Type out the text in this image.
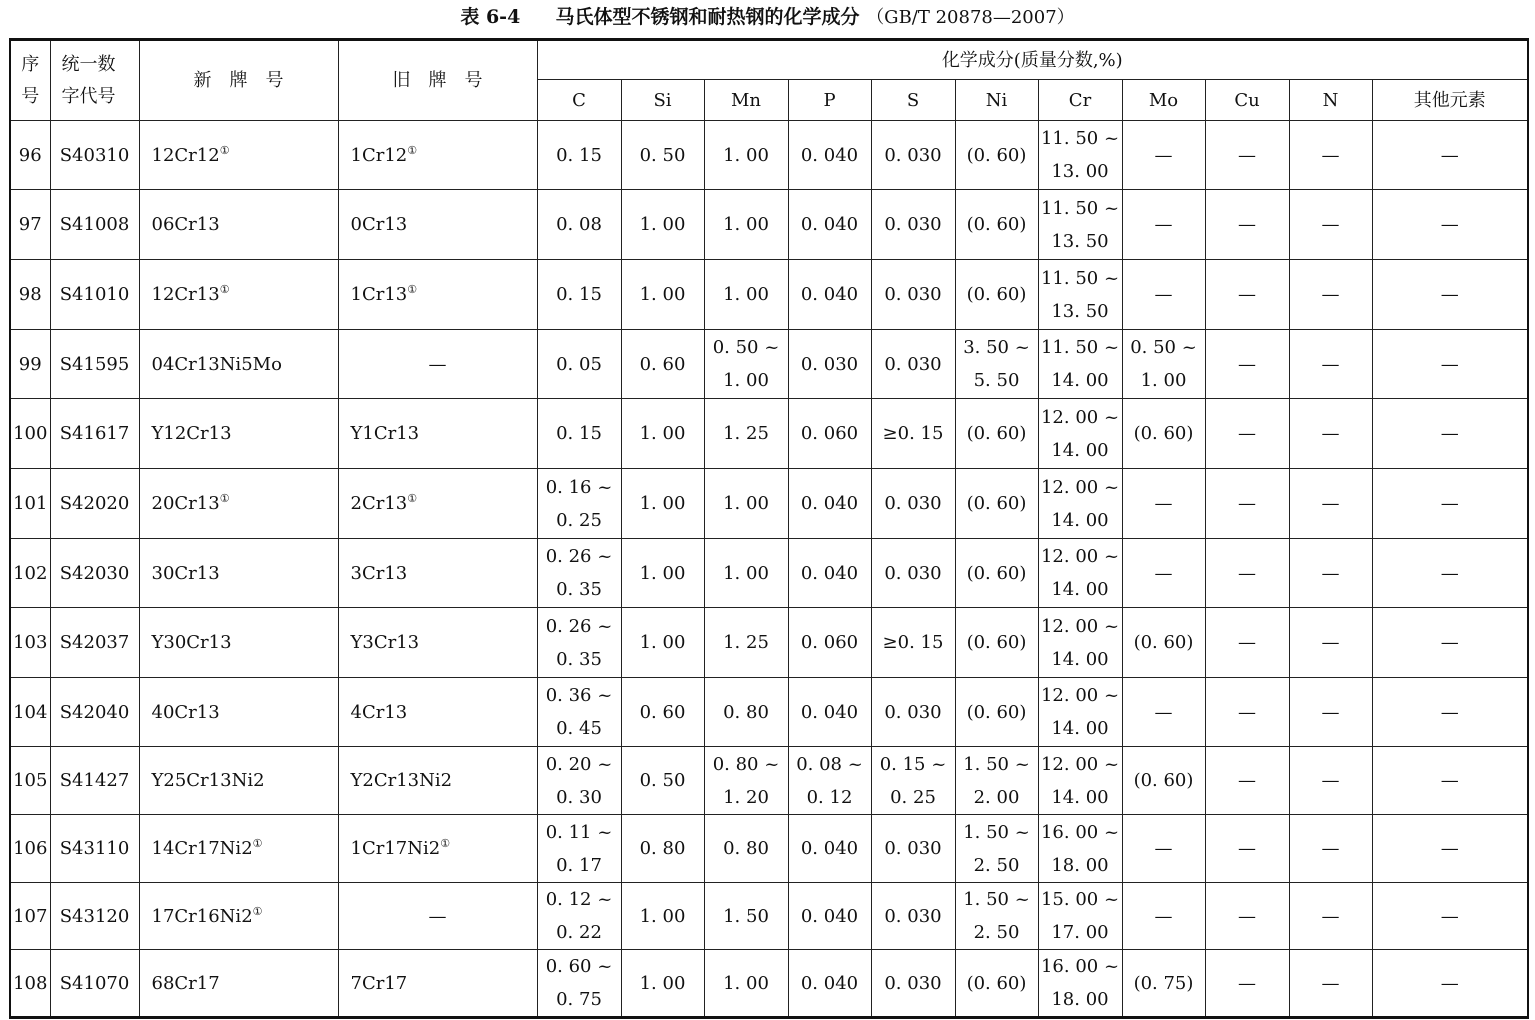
表 6-4 马氏体型不锈钢和耐热钢的化学成分 （GB/T 20878—2007）
序号	统一数字代号	新　牌　号	旧　牌　号	化学成分(质量分数,%)										
				C	Si	Mn	P	S	Ni	Cr	Mo	Cu	N	其他元素
96	S40310	12Cr12①	1Cr12①	0. 15	0. 50	1. 00	0. 040	0. 030	(0. 60)	11. 50 ~
13. 00	—	—	—	—
97	S41008	06Cr13	0Cr13	0. 08	1. 00	1. 00	0. 040	0. 030	(0. 60)	11. 50 ~
13. 50	—	—	—	—
98	S41010	12Cr13①	1Cr13①	0. 15	1. 00	1. 00	0. 040	0. 030	(0. 60)	11. 50 ~
13. 50	—	—	—	—
99	S41595	04Cr13Ni5Mo	—	0. 05	0. 60	0. 50 ~
1. 00	0. 030	0. 030	3. 50 ~
5. 50	11. 50 ~
14. 00	0. 50 ~
1. 00	—	—	—
100	S41617	Y12Cr13	Y1Cr13	0. 15	1. 00	1. 25	0. 060	≥0. 15	(0. 60)	12. 00 ~
14. 00	(0. 60)	—	—	—
101	S42020	20Cr13①	2Cr13①	0. 16 ~
0. 25	1. 00	1. 00	0. 040	0. 030	(0. 60)	12. 00 ~
14. 00	—	—	—	—
102	S42030	30Cr13	3Cr13	0. 26 ~
0. 35	1. 00	1. 00	0. 040	0. 030	(0. 60)	12. 00 ~
14. 00	—	—	—	—
103	S42037	Y30Cr13	Y3Cr13	0. 26 ~
0. 35	1. 00	1. 25	0. 060	≥0. 15	(0. 60)	12. 00 ~
14. 00	(0. 60)	—	—	—
104	S42040	40Cr13	4Cr13	0. 36 ~
0. 45	0. 60	0. 80	0. 040	0. 030	(0. 60)	12. 00 ~
14. 00	—	—	—	—
105	S41427	Y25Cr13Ni2	Y2Cr13Ni2	0. 20 ~
0. 30	0. 50	0. 80 ~
1. 20	0. 08 ~
0. 12	0. 15 ~
0. 25	1. 50 ~
2. 00	12. 00 ~
14. 00	(0. 60)	—	—	—
106	S43110	14Cr17Ni2①	1Cr17Ni2①	0. 11 ~
0. 17	0. 80	0. 80	0. 040	0. 030	1. 50 ~
2. 50	16. 00 ~
18. 00	—	—	—	—
107	S43120	17Cr16Ni2①	—	0. 12 ~
0. 22	1. 00	1. 50	0. 040	0. 030	1. 50 ~
2. 50	15. 00 ~
17. 00	—	—	—	—
108	S41070	68Cr17	7Cr17	0. 60 ~
0. 75	1. 00	1. 00	0. 040	0. 030	(0. 60)	16. 00 ~
18. 00	(0. 75)	—	—	—
